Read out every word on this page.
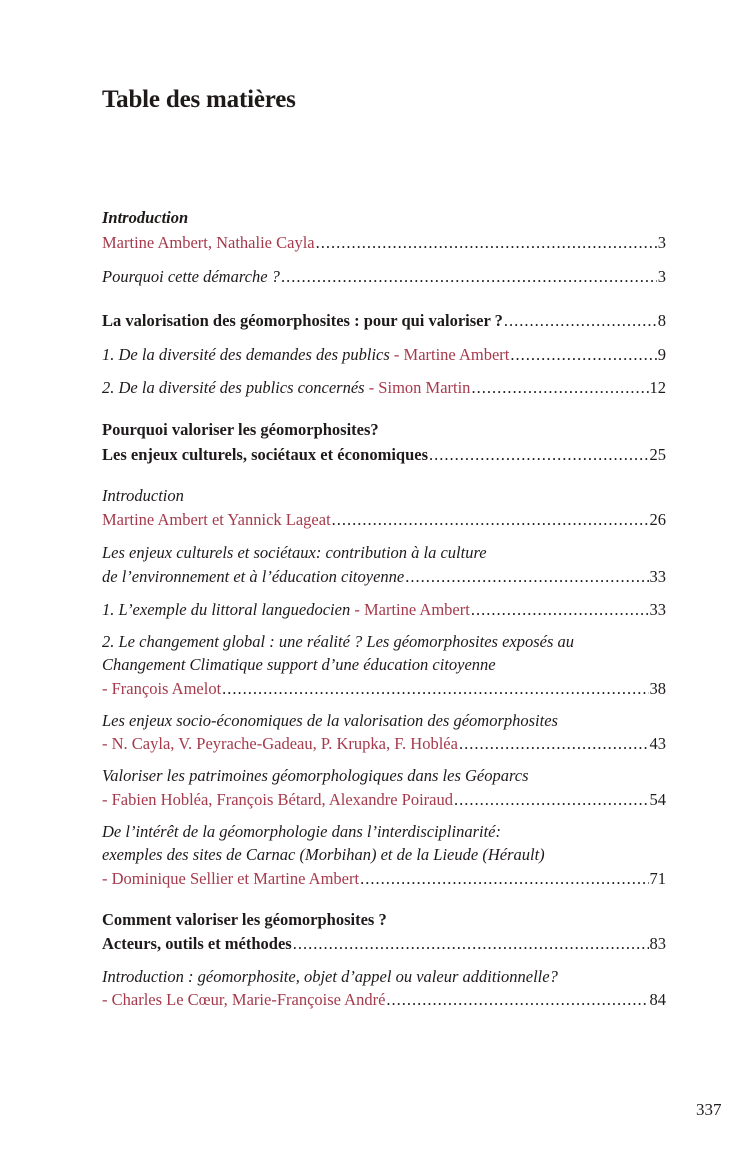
Table des matières
Introduction
Martine Ambert, Nathalie Cayla .....	3
Pourquoi cette démarche ? .....	3
La valorisation des géomorphosites : pour qui valoriser ? .....	8
1. De la diversité des demandes des publics - Martine Ambert .....	9
2. De la diversité des publics concernés - Simon Martin .....	12
Pourquoi valoriser les géomorphosites?
Les enjeux culturels, sociétaux et économiques .....	25
Introduction
Martine Ambert et Yannick Lageat .....	26
Les enjeux culturels et sociétaux: contribution à la culture
de l’environnement et à l’éducation citoyenne .....	33
1. L’exemple du littoral languedocien - Martine Ambert .....	33
2. Le changement global : une réalité ? Les géomorphosites exposés au
Changement Climatique support d’une éducation citoyenne
- François Amelot .....	38
Les enjeux socio-économiques de la valorisation des géomorphosites
- N. Cayla, V. Peyrache-Gadeau, P. Krupka, F. Hobléa .....	43
Valoriser les patrimoines géomorphologiques dans les Géoparcs
- Fabien Hobléa, François Bétard, Alexandre Poiraud .....	54
De l’intérêt de la géomorphologie dans l’interdisciplinarité:
exemples des sites de Carnac (Morbihan) et de la Lieude (Hérault)
- Dominique Sellier et Martine Ambert .....	71
Comment valoriser les géomorphosites ?
Acteurs, outils et méthodes .....	83
Introduction : géomorphosite, objet d’appel ou valeur additionnelle?
- Charles Le Cœur, Marie-Françoise André .....	84
337
